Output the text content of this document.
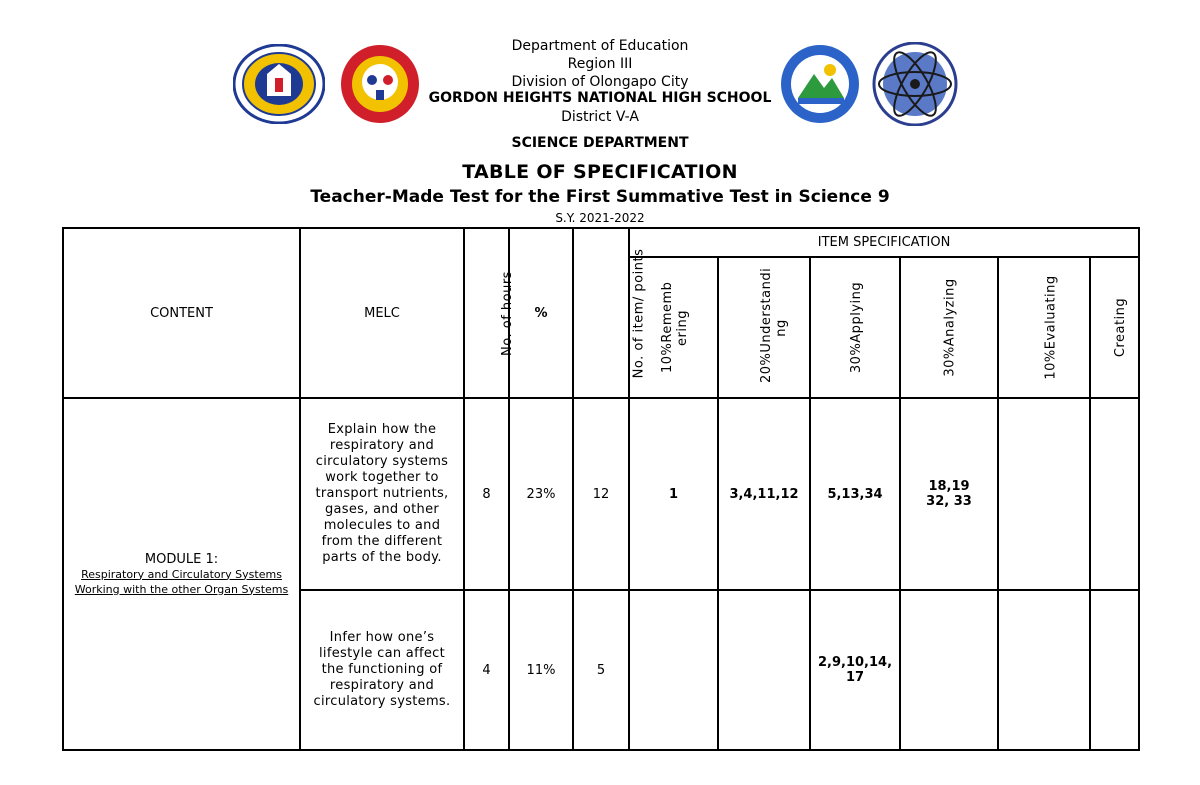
Department of Education
Region III
Division of Olongapo City
GORDON HEIGHTS NATIONAL HIGH SCHOOL
District V-A
SCIENCE DEPARTMENT
TABLE OF SPECIFICATION
Teacher-Made Test for the First Summative Test in Science 9
S.Y. 2021-2022
CONTENT	MELC	No. of hours	%	No. of item/ points	ITEM SPECIFICATION					
					10%Rememb ering	20%Understandi ng	30%Applying	30%Analyzing	10%Evaluating	Creating

MODULE 1:
Respiratory and Circulatory Systems Working with the other Organ Systems	Explain how the respiratory and circulatory systems work together to transport nutrients, gases, and other molecules to and from the different parts of the body.	8	23%	12	1	3,4,11,12	5,13,34	18,19 32, 33		

	Infer how one’s lifestyle can affect the functioning of respiratory and circulatory systems.	4	11%	5			2,9,10,14, 17			
